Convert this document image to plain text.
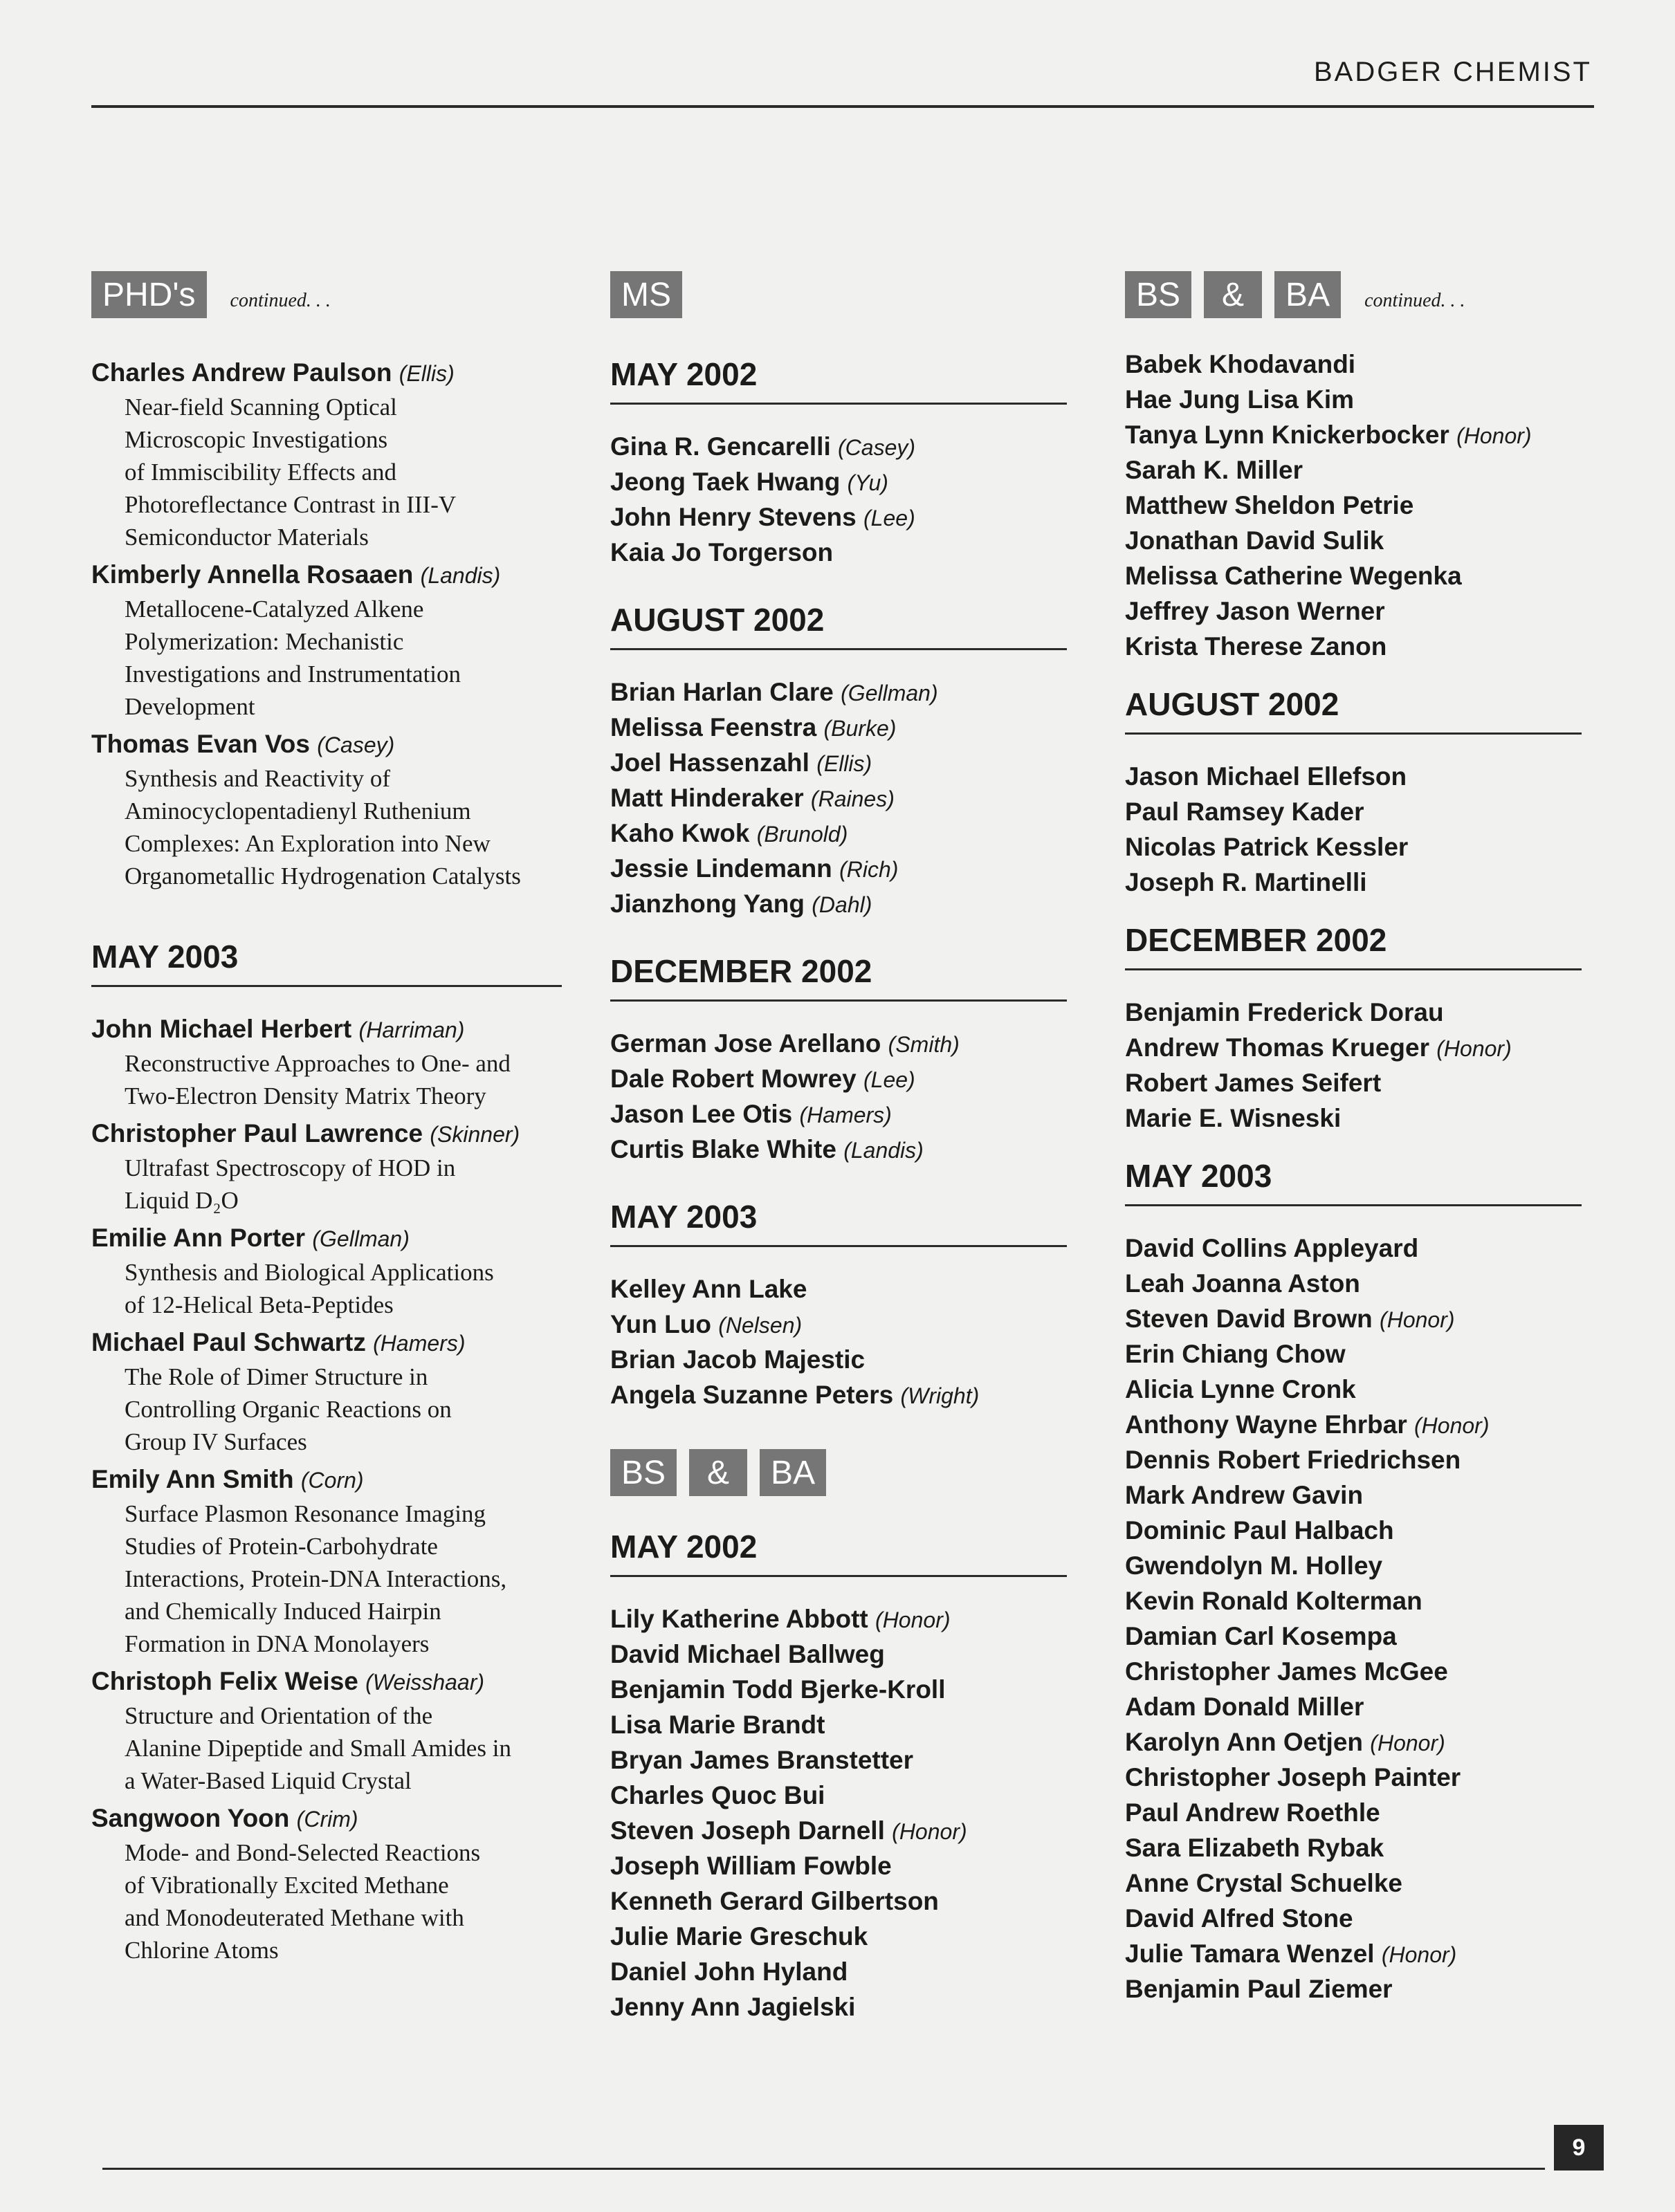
BADGER CHEMIST
PHD's	continued. . .
Charles Andrew Paulson (Ellis)
Near-field Scanning Optical
Microscopic Investigations
of Immiscibility Effects and
Photoreflectance Contrast in III-V
Semiconductor Materials
Kimberly Annella Rosaaen (Landis)
Metallocene-Catalyzed Alkene
Polymerization: Mechanistic
Investigations and Instrumentation
Development
Thomas Evan Vos (Casey)
Synthesis and Reactivity of
Aminocyclopentadienyl Ruthenium
Complexes: An Exploration into New
Organometallic Hydrogenation Catalysts
MAY 2003
John Michael Herbert (Harriman)
Reconstructive Approaches to One- and
Two-Electron Density Matrix Theory
Christopher Paul Lawrence (Skinner)
Ultrafast Spectroscopy of HOD in
Liquid D₂O
Emilie Ann Porter (Gellman)
Synthesis and Biological Applications
of 12-Helical Beta-Peptides
Michael Paul Schwartz (Hamers)
The Role of Dimer Structure in
Controlling Organic Reactions on
Group IV Surfaces
Emily Ann Smith (Corn)
Surface Plasmon Resonance Imaging
Studies of Protein-Carbohydrate
Interactions, Protein-DNA Interactions,
and Chemically Induced Hairpin
Formation in DNA Monolayers
Christoph Felix Weise (Weisshaar)
Structure and Orientation of the
Alanine Dipeptide and Small Amides in
a Water-Based Liquid Crystal
Sangwoon Yoon (Crim)
Mode- and Bond-Selected Reactions
of Vibrationally Excited Methane
and Monodeuterated Methane with
Chlorine Atoms
MS
MAY 2002
Gina R. Gencarelli (Casey)
Jeong Taek Hwang (Yu)
John Henry Stevens (Lee)
Kaia Jo Torgerson
AUGUST 2002
Brian Harlan Clare (Gellman)
Melissa Feenstra (Burke)
Joel Hassenzahl (Ellis)
Matt Hinderaker (Raines)
Kaho Kwok (Brunold)
Jessie Lindemann (Rich)
Jianzhong Yang (Dahl)
DECEMBER 2002
German Jose Arellano (Smith)
Dale Robert Mowrey (Lee)
Jason Lee Otis (Hamers)
Curtis Blake White (Landis)
MAY 2003
Kelley Ann Lake
Yun Luo (Nelsen)
Brian Jacob Majestic
Angela Suzanne Peters (Wright)
BS	&	BA
MAY 2002
Lily Katherine Abbott (Honor)
David Michael Ballweg
Benjamin Todd Bjerke-Kroll
Lisa Marie Brandt
Bryan James Branstetter
Charles Quoc Bui
Steven Joseph Darnell (Honor)
Joseph William Fowble
Kenneth Gerard Gilbertson
Julie Marie Greschuk
Daniel John Hyland
Jenny Ann Jagielski
BS	&	BA	continued. . .
Babek Khodavandi
Hae Jung Lisa Kim
Tanya Lynn Knickerbocker (Honor)
Sarah K. Miller
Matthew Sheldon Petrie
Jonathan David Sulik
Melissa Catherine Wegenka
Jeffrey Jason Werner
Krista Therese Zanon
AUGUST 2002
Jason Michael Ellefson
Paul Ramsey Kader
Nicolas Patrick Kessler
Joseph R. Martinelli
DECEMBER 2002
Benjamin Frederick Dorau
Andrew Thomas Krueger (Honor)
Robert James Seifert
Marie E. Wisneski
MAY 2003
David Collins Appleyard
Leah Joanna Aston
Steven David Brown (Honor)
Erin Chiang Chow
Alicia Lynne Cronk
Anthony Wayne Ehrbar (Honor)
Dennis Robert Friedrichsen
Mark Andrew Gavin
Dominic Paul Halbach
Gwendolyn M. Holley
Kevin Ronald Kolterman
Damian Carl Kosempa
Christopher James McGee
Adam Donald Miller
Karolyn Ann Oetjen (Honor)
Christopher Joseph Painter
Paul Andrew Roethle
Sara Elizabeth Rybak
Anne Crystal Schuelke
David Alfred Stone
Julie Tamara Wenzel (Honor)
Benjamin Paul Ziemer
9
